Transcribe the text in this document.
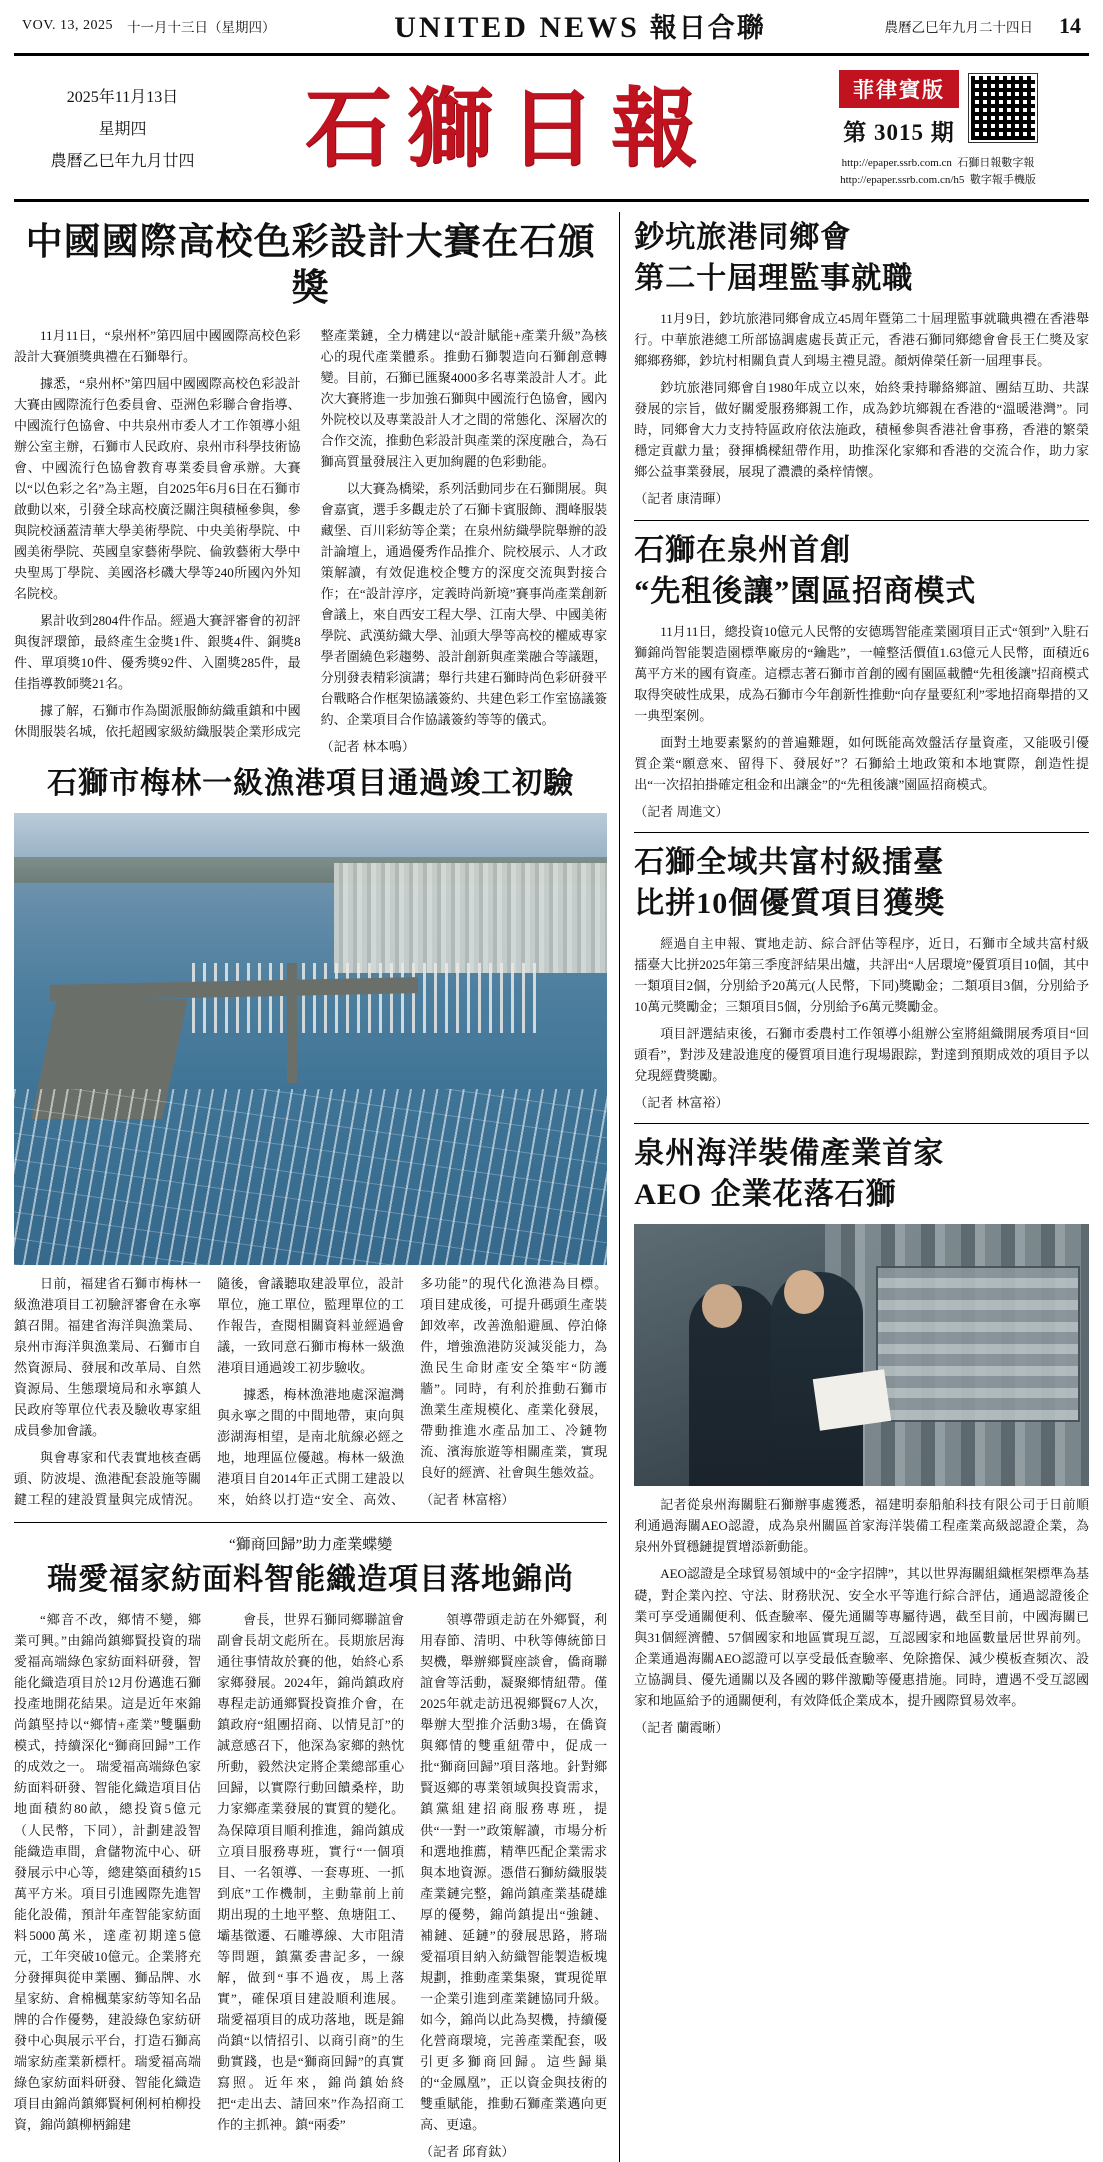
VOV. 13, 2025 十一月十三日（星期四）	UNITED NEWS 報日合聯	農曆乙巳年九月二十四日 14
2025年11月13日
星期四
農曆乙巳年九月廿四	石獅日報	菲律賓版
第 3015 期
http://epaper.ssrb.com.cn 石獅日報數字報
http://epaper.ssrb.com.cn/h5 數字報手機版
中國國際高校色彩設計大賽在石頒獎

11月11日，“泉州杯”第四屆中國國際高校色彩設計大賽頒獎典禮在石獅舉行。

據悉，“泉州杯”第四屆中國國際高校色彩設計大賽由國際流行色委員會、亞洲色彩聯合會指導、中國流行色協會、中共泉州市委人才工作領導小組辦公室主辦，石獅市人民政府、泉州市科學技術協會、中國流行色協會教育專業委員會承辦。大賽以“以色彩之名”為主題，自2025年6月6日在石獅市啟動以來，引發全球高校廣泛關注與積極參與，參與院校涵蓋清華大學美術學院、中央美術學院、中國美術學院、英國皇家藝術學院、倫敦藝術大學中央聖馬丁學院、美國洛杉磯大學等240所國內外知名院校。

累計收到2804件作品。經過大賽評審會的初評與復評環節，最終產生金獎1件、銀獎4件、銅獎8件、單項獎10件、優秀獎92件、入圍獎285件，最佳指導教師獎21名。

據了解，石獅市作為閩派服飾紡織重鎮和中國休閒服裝名城，依托超國家級紡織服裝企業形成完整產業鏈，全力構建以“設計賦能+產業升級”為核心的現代產業體系。推動石獅製造向石獅創意轉變。目前，石獅已匯聚4000多名專業設計人才。此次大賽將進一步加強石獅與中國流行色協會，國內外院校以及專業設計人才之間的常態化、深層次的合作交流，推動色彩設計與產業的深度融合，為石獅高質量發展注入更加絢麗的色彩動能。

以大賽為橋梁，系列活動同步在石獅開展。與會嘉賓，選手多觀走於了石獅卡賓服飾、潤峰服裝藏堡、百川彩紡等企業；在泉州紡織學院舉辦的設計論壇上，通過優秀作品推介、院校展示、人才政策解讀，有效促進校企雙方的深度交流與對接合作；在“設計淳序，定義時尚新境”賽事尚產業創新會議上，來自西安工程大學、江南大學、中國美術學院、武漢紡織大學、汕頭大學等高校的權威專家學者圍繞色彩趨勢、設計創新與產業融合等議題，分別發表精彩演講；舉行共建石獅時尚色彩研發平台戰略合作框架協議簽約、共建色彩工作室協議簽約、企業項目合作協議簽約等等的儀式。

（記者 林本鳴）

石獅市梅林一級漁港項目通過竣工初驗

日前，福建省石獅市梅林一級漁港項目工初驗評審會在永寧鎮召開。福建省海洋與漁業局、泉州市海洋與漁業局、石獅市自然資源局、發展和改革局、自然資源局、生態環境局和永寧鎮人民政府等單位代表及驗收專家組成員參加會議。

與會專家和代表實地核查碼頭、防波堤、漁港配套設施等關鍵工程的建設質量與完成情況。隨後，會議聽取建設單位，設計單位，施工單位，監理單位的工作報告，查閱相關資料並經過會議，一致同意石獅市梅林一級漁港項目通過竣工初步驗收。

據悉，梅林漁港地處深滬灣與永寧之間的中間地帶，東向與澎湖海相望，是南北航線必經之地，地理區位優越。梅林一級漁港項目自2014年正式開工建設以來，始終以打造“安全、高效、多功能”的現代化漁港為目標。項目建成後，可提升碼頭生產裝卸效率，改善漁船避風、停泊條件，增強漁港防災減災能力，為漁民生命財產安全築牢“防護牆”。同時，有利於推動石獅市漁業生產規模化、產業化發展，帶動推進水產品加工、冷鏈物流、濱海旅遊等相關產業，實現良好的經濟、社會與生態效益。

（記者 林富榕）

“獅商回歸”助力產業蝶變
瑞愛福家紡面料智能織造項目落地錦尚

“鄉音不改，鄉情不變，鄉業可興。”由錦尚鎮鄉賢投資的瑞愛福高端綠色家紡面料研發，智能化織造項目於12月份邁進石獅投產地開花結果。這是近年來錦尚鎮堅持以“鄉情+產業”雙驅動模式，持續深化“獅商回歸”工作的成效之一。 瑞愛福高端綠色家紡面料研發、智能化織造項目佔地面積約80畝，總投資5億元（人民幣，下同），計劃建設智能織造車間，倉儲物流中心、研發展示中心等，總建築面積約15萬平方米。項目引進國際先進智能化設備，預計年產智能家紡面料5000萬米，達產初期達5億元，工年突破10億元。企業將充分發揮與從申業團、獅品牌、水星家紡、倉棉楓葉家紡等知名品牌的合作優勢，建設綠色家紡研發中心與展示平台，打造石獅高端家紡產業新標杆。瑞愛福高端綠色家紡面料研發、智能化織造項目由錦尚鎮鄉賢柯俐柯柏柳投資，錦尚鎮柳柄錦建

會長，世界石獅同鄉聯誼會副會長胡文彪所在。長期旅居海通往事情故於賽的他，始終心系家鄉發展。2024年，錦尚鎮政府專程走訪通鄉賢投資推介會，在鎮政府“組團招商、以情見訂”的誠意感召下，他深為家鄉的熱忱所動，毅然決定將企業總部重心回歸，以實際行動回饋桑梓，助力家鄉產業發展的實質的變化。 為保障項目順利推進，錦尚鎮成立項目服務專班，實行“一個項目、一名領導、一套專班、一抓到底”工作機制，主動靠前上前期出現的土地平整、魚塘阻工、壩基徵遷、石雕導線、大市阻清等問題，鎮黨委書記多，一線解，做到“事不過夜，馬上落實”，確保項目建設順利進展。 瑞愛福項目的成功落地，既是錦尚鎮“以情招引、以商引商”的生動實踐，也是“獅商回歸”的真實寫照。近年來，錦尚鎮始終把“走出去、請回來”作為招商工作的主抓神。鎮“兩委”

領導帶頭走訪在外鄉賢，利用春節、清明、中秋等傳統節日契機，舉辦鄉賢座談會，僑商聯誼會等活動，凝聚鄉情紐帶。僅2025年就走訪迅視鄉賢67人次，舉辦大型推介活動3場，在僑資與鄉情的雙重紐帶中，促成一批“獅商回歸”項目落地。針對鄉賢返鄉的專業領域與投資需求，鎮黨組建招商服務專班，提供“一對一”政策解讀，市場分析和選地推薦，精準匹配企業需求與本地資源。憑借石獅紡織服裝產業鏈完整，錦尚鎮產業基礎雄厚的優勢，錦尚鎮提出“強鏈、補鏈、延鏈”的發展思路，將瑞愛福項目納入紡織智能製造板塊規劃，推動產業集聚，實現從單一企業引進到產業鏈協同升級。 如今，錦尚以此為契機，持續優化營商環境，完善產業配套，吸引更多獅商回歸。這些歸巢的“金鳳凰”，正以資金與技術的雙重賦能，推動石獅產業邁向更高、更遠。

（記者 邱育鈦）

鈔坑旅港同鄉會
第二十屆理監事就職

11月9日，鈔坑旅港同鄉會成立45周年暨第二十屆理監事就職典禮在香港舉行。中華旅港總工所部協調處處長黃正元，香港石獅同鄉總會會長王仁獎及家鄉鄉務鄉，鈔坑村相關負責人到場主禮見證。顏炳偉榮任新一屆理事長。

鈔坑旅港同鄉會自1980年成立以來，始終秉持聯絡鄉誼、團結互助、共謀發展的宗旨，做好關愛服務鄉親工作，成為鈔坑鄉親在香港的“溫暖港灣”。同時，同鄉會大力支持特區政府依法施政，積極參與香港社會事務，香港的繁榮穩定貢獻力量；發揮橋樑紐帶作用，助推深化家鄉和香港的交流合作，助力家鄉公益事業發展，展現了濃濃的桑梓情懷。

（記者 康清暉）

石獅在泉州首創
“先租後讓”園區招商模式

11月11日，總投資10億元人民幣的安德瑪智能產業園項目正式“領到”入駐石獅錦尚智能製造園標準廠房的“鑰匙”，一幢整活價值1.63億元人民幣，面積近6萬平方米的國有資產。這標志著石獅市首創的國有園區載體“先租後讓”招商模式取得突破性成果，成為石獅市今年創新性推動“向存量要紅利”零地招商舉措的又一典型案例。

面對土地要素緊約的普遍難題，如何既能高效盤活存量資產，又能吸引優質企業“願意來、留得下、發展好”？石獅給土地政策和本地實際，創造性提出“一次招拍掛確定租金和出讓金”的“先租後讓”園區招商模式。

（記者 周進文）

石獅全域共富村級擂臺
比拼10個優質項目獲獎

經過自主申報、實地走訪、綜合評估等程序，近日，石獅市全域共富村級擂臺大比拼2025年第三季度評結果出爐，共評出“人居環境”優質項目10個，其中一類項目2個，分別給予20萬元(人民幣，下同)獎勵金；二類項目3個，分別給予10萬元獎勵金；三類項目5個，分別給予6萬元獎勵金。

項目評選結束後，石獅市委農村工作領導小組辦公室將組織開展秀項目“回頭看”，對涉及建設進度的優質項目進行現場跟踪，對達到預期成效的項目予以兌現經費獎勵。

（記者 林富裕）

泉州海洋裝備產業首家
AEO 企業花落石獅

記者從泉州海關駐石獅辦事處獲悉，福建明泰船舶科技有限公司于日前順利通過海關AEO認證，成為泉州關區首家海洋裝備工程產業高級認證企業，為泉州外貿穩鏈提質增添新動能。

AEO認證是全球貿易領域中的“金字招牌”，其以世界海關組織框架標準為基礎，對企業內控、守法、財務狀況、安全水平等進行綜合評估，通過認證後企業可享受通關便利、低查驗率、優先通關等專屬待遇，截至目前，中國海關已與31個經濟體、57個國家和地區實現互認，互認國家和地區數量居世界前列。企業通過海關AEO認證可以享受最低查驗率、免除擔保、減少模板查頻次、設立協調員、優先通關以及各國的夥伴激勵等優惠措施。同時，遭遇不受互認國家和地區給予的通關便利，有效降低企業成本，提升國際貿易效率。

（記者 蘭霞晰）
